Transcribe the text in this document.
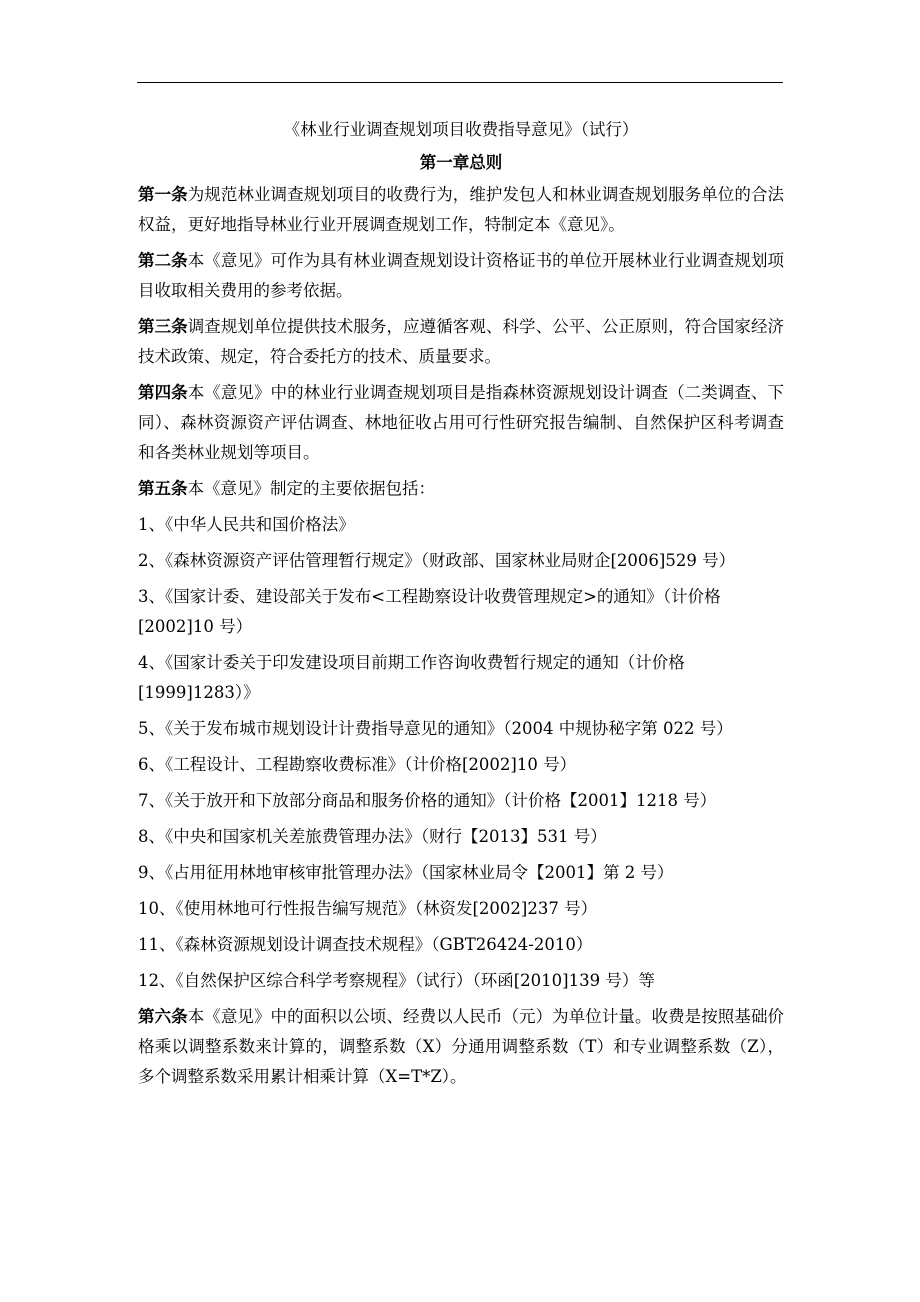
《林业行业调查规划项目收费指导意见》（试行）

第一章总则

第一条为规范林业调查规划项目的收费行为，维护发包人和林业调查规划服务单位的合法权益，更好地指导林业行业开展调查规划工作，特制定本《意见》。

第二条本《意见》可作为具有林业调查规划设计资格证书的单位开展林业行业调查规划项目收取相关费用的参考依据。

第三条调查规划单位提供技术服务，应遵循客观、科学、公平、公正原则，符合国家经济技术政策、规定，符合委托方的技术、质量要求。

第四条本《意见》中的林业行业调查规划项目是指森林资源规划设计调查（二类调查、下同）、森林资源资产评估调查、林地征收占用可行性研究报告编制、自然保护区科考调查和各类林业规划等项目。

第五条本《意见》制定的主要依据包括：

1、《中华人民共和国价格法》

2、《森林资源资产评估管理暂行规定》（财政部、国家林业局财企[2006]529 号）

3、《国家计委、建设部关于发布<工程勘察设计收费管理规定>的通知》（计价格[2002]10 号）

4、《国家计委关于印发建设项目前期工作咨询收费暂行规定的通知（计价格[1999]1283）》

5、《关于发布城市规划设计计费指导意见的通知》（2004 中规协秘字第 022 号）

6、《工程设计、工程勘察收费标准》（计价格[2002]10 号）

7、《关于放开和下放部分商品和服务价格的通知》（计价格【2001】1218 号）

8、《中央和国家机关差旅费管理办法》（财行【2013】531 号）

9、《占用征用林地审核审批管理办法》（国家林业局令【2001】第 2 号）

10、《使用林地可行性报告编写规范》（林资发[2002]237 号）

11、《森林资源规划设计调查技术规程》（GBT26424-2010）

12、《自然保护区综合科学考察规程》（试行）（环函[2010]139 号）等

第六条本《意见》中的面积以公顷、经费以人民币（元）为单位计量。收费是按照基础价格乘以调整系数来计算的，调整系数（X）分通用调整系数（T）和专业调整系数（Z），多个调整系数采用累计相乘计算（X=T*Z）。
